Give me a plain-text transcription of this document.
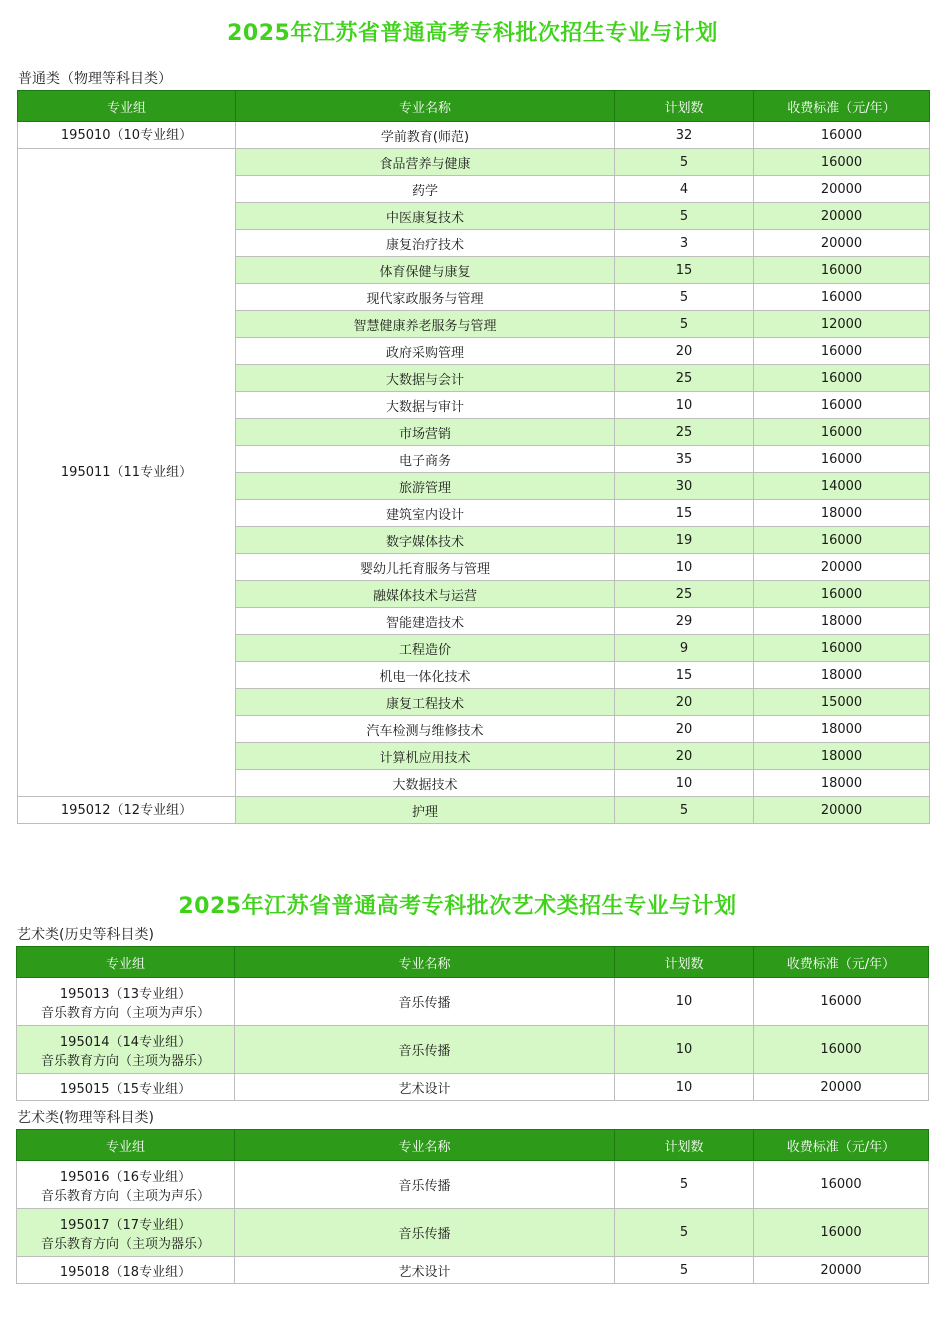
2025年江苏省普通高考专科批次招生专业与计划
普通类（物理等科目类）
专业组	专业名称	计划数	收费标准（元/年）
195010（10专业组）	学前教育(师范)	32	16000
195011（11专业组）	食品营养与健康	5	16000
	药学	4	20000
	中医康复技术	5	20000
	康复治疗技术	3	20000
	体育保健与康复	15	16000
	现代家政服务与管理	5	16000
	智慧健康养老服务与管理	5	12000
	政府采购管理	20	16000
	大数据与会计	25	16000
	大数据与审计	10	16000
	市场营销	25	16000
	电子商务	35	16000
	旅游管理	30	14000
	建筑室内设计	15	18000
	数字媒体技术	19	16000
	婴幼儿托育服务与管理	10	20000
	融媒体技术与运营	25	16000
	智能建造技术	29	18000
	工程造价	9	16000
	机电一体化技术	15	18000
	康复工程技术	20	15000
	汽车检测与维修技术	20	18000
	计算机应用技术	20	18000
	大数据技术	10	18000
195012（12专业组）	护理	5	20000
2025年江苏省普通高考专科批次艺术类招生专业与计划
艺术类(历史等科目类)
专业组	专业名称	计划数	收费标准（元/年）

195013（13专业组）
音乐教育方向（主项为声乐）	音乐传播	10	16000

195014（14专业组）
音乐教育方向（主项为器乐）	音乐传播	10	16000

195015（15专业组）	艺术设计	10	20000
艺术类(物理等科目类)
专业组	专业名称	计划数	收费标准（元/年）

195016（16专业组）
音乐教育方向（主项为声乐）	音乐传播	5	16000

195017（17专业组）
音乐教育方向（主项为器乐）	音乐传播	5	16000

195018（18专业组）	艺术设计	5	20000
